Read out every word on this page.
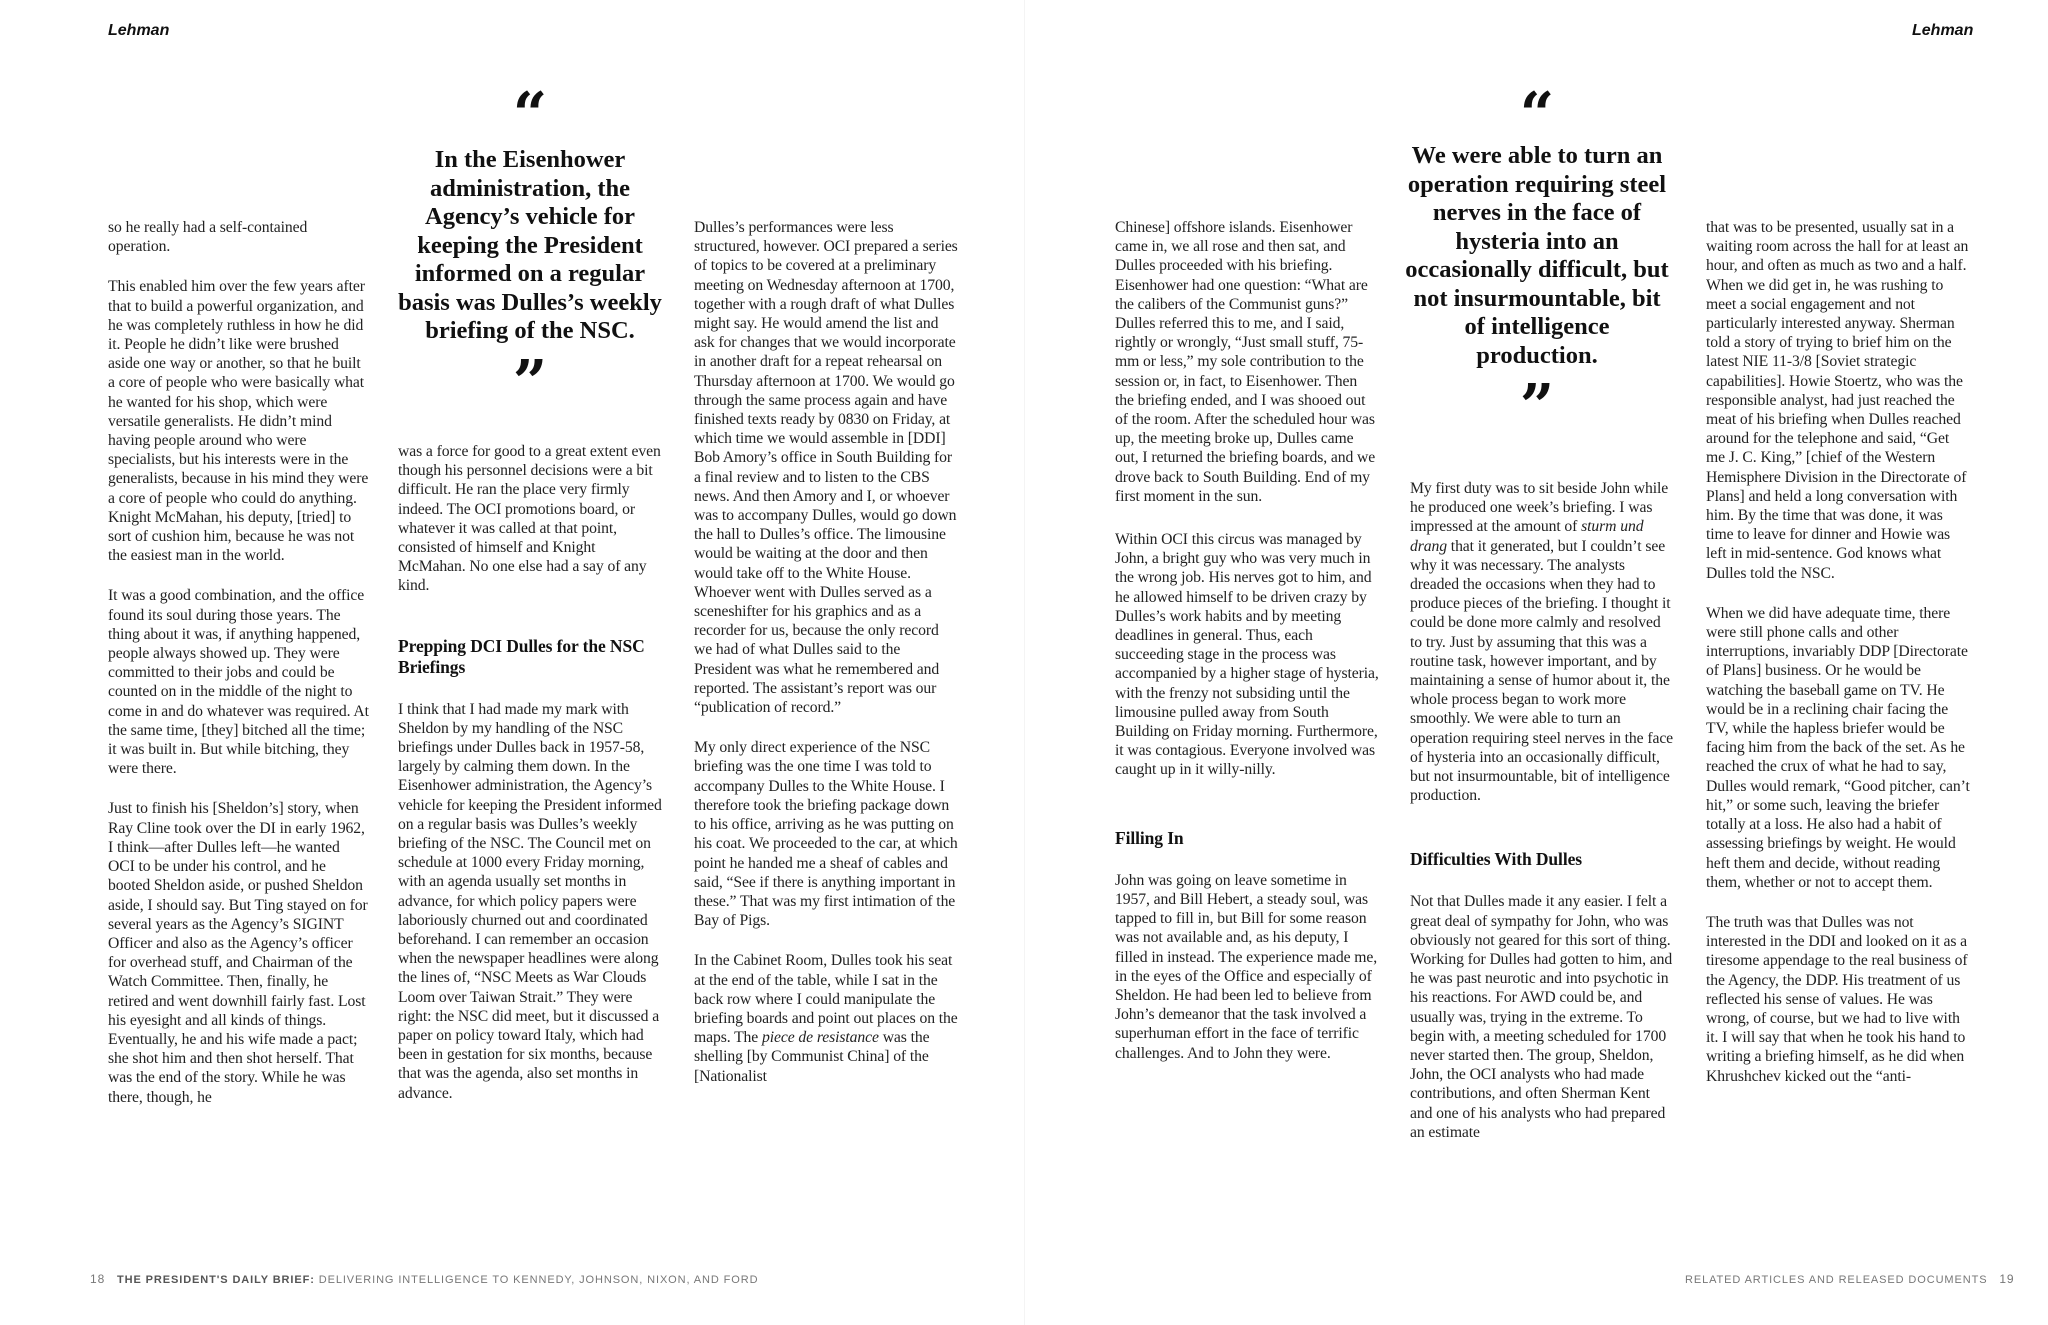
Lehman

so he really had a self-contained operation.

This enabled him over the few years after that to build a powerful organization, and he was completely ruthless in how he did it. People he didn’t like were brushed aside one way or another, so that he built a core of people who were basically what he wanted for his shop, which were versatile generalists. He didn’t mind having people around who were specialists, but his interests were in the generalists, because in his mind they were a core of people who could do anything. Knight McMahan, his deputy, [tried] to sort of cushion him, because he was not the easiest man in the world.

It was a good combination, and the office found its soul during those years. The thing about it was, if anything happened, people always showed up. They were committed to their jobs and could be counted on in the middle of the night to come in and do whatever was required. At the same time, [they] bitched all the time; it was built in. But while bitching, they were there.

Just to finish his [Sheldon’s] story, when Ray Cline took over the DI in early 1962, I think—after Dulles left—he wanted OCI to be under his control, and he booted Sheldon aside, or pushed Sheldon aside, I should say. But Ting stayed on for several years as the Agency’s SIGINT Officer and also as the Agency’s officer for overhead stuff, and Chairman of the Watch Committee. Then, finally, he retired and went downhill fairly fast. Lost his eyesight and all kinds of things. Eventually, he and his wife made a pact; she shot him and then shot herself. That was the end of the story. While he was there, though, he

“
In the Eisenhower administration, the Agency’s vehicle for keeping the President informed on a regular basis was Dulles’s weekly briefing of the NSC.
”

was a force for good to a great extent even though his personnel decisions were a bit difficult. He ran the place very firmly indeed. The OCI promotions board, or whatever it was called at that point, consisted of himself and Knight McMahan. No one else had a say of any kind.

Prepping DCI Dulles for the NSC Briefings

I think that I had made my mark with Sheldon by my handling of the NSC briefings under Dulles back in 1957-58, largely by calming them down. In the Eisenhower administration, the Agency’s vehicle for keeping the President informed on a regular basis was Dulles’s weekly briefing of the NSC. The Council met on schedule at 1000 every Friday morning, with an agenda usually set months in advance, for which policy papers were laboriously churned out and coordinated beforehand. I can remember an occasion when the newspaper headlines were along the lines of, “NSC Meets as War Clouds Loom over Taiwan Strait.” They were right: the NSC did meet, but it discussed a paper on policy toward Italy, which had been in gestation for six months, because that was the agenda, also set months in advance.

Dulles’s performances were less structured, however. OCI prepared a series of topics to be covered at a preliminary meeting on Wednesday afternoon at 1700, together with a rough draft of what Dulles might say. He would amend the list and ask for changes that we would incorporate in another draft for a repeat rehearsal on Thursday afternoon at 1700. We would go through the same process again and have finished texts ready by 0830 on Friday, at which time we would assemble in [DDI] Bob Amory’s office in South Building for a final review and to listen to the CBS news. And then Amory and I, or whoever was to accompany Dulles, would go down the hall to Dulles’s office. The limousine would be waiting at the door and then would take off to the White House. Whoever went with Dulles served as a sceneshifter for his graphics and as a recorder for us, because the only record we had of what Dulles said to the President was what he remembered and reported. The assistant’s report was our “publication of record.”

My only direct experience of the NSC briefing was the one time I was told to accompany Dulles to the White House. I therefore took the briefing package down to his office, arriving as he was putting on his coat. We proceeded to the car, at which point he handed me a sheaf of cables and said, “See if there is anything important in these.” That was my first intimation of the Bay of Pigs.

In the Cabinet Room, Dulles took his seat at the end of the table, while I sat in the back row where I could manipulate the briefing boards and point out places on the maps. The piece de resistance was the shelling [by Communist China] of the [Nationalist

18 THE PRESIDENT'S DAILY BRIEF: DELIVERING INTELLIGENCE TO KENNEDY, JOHNSON, NIXON, AND FORD
Lehman

Chinese] offshore islands. Eisenhower came in, we all rose and then sat, and Dulles proceeded with his briefing. Eisenhower had one question: “What are the calibers of the Communist guns?” Dulles referred this to me, and I said, rightly or wrongly, “Just small stuff, 75-mm or less,” my sole contribution to the session or, in fact, to Eisenhower. Then the briefing ended, and I was shooed out of the room. After the scheduled hour was up, the meeting broke up, Dulles came out, I returned the briefing boards, and we drove back to South Building. End of my first moment in the sun.

Within OCI this circus was managed by John, a bright guy who was very much in the wrong job. His nerves got to him, and he allowed himself to be driven crazy by Dulles’s work habits and by meeting deadlines in general. Thus, each succeeding stage in the process was accompanied by a higher stage of hysteria, with the frenzy not subsiding until the limousine pulled away from South Building on Friday morning. Furthermore, it was contagious. Everyone involved was caught up in it willy-nilly.

Filling In

John was going on leave sometime in 1957, and Bill Hebert, a steady soul, was tapped to fill in, but Bill for some reason was not available and, as his deputy, I filled in instead. The experience made me, in the eyes of the Office and especially of Sheldon. He had been led to believe from John’s demeanor that the task involved a superhuman effort in the face of terrific challenges. And to John they were.

“
We were able to turn an operation requiring steel nerves in the face of hysteria into an occasionally difficult, but not insurmountable, bit of intelligence production.
”

My first duty was to sit beside John while he produced one week’s briefing. I was impressed at the amount of sturm und drang that it generated, but I couldn’t see why it was necessary. The analysts dreaded the occasions when they had to produce pieces of the briefing. I thought it could be done more calmly and resolved to try. Just by assuming that this was a routine task, however important, and by maintaining a sense of humor about it, the whole process began to work more smoothly. We were able to turn an operation requiring steel nerves in the face of hysteria into an occasionally difficult, but not insurmountable, bit of intelligence production.

Difficulties With Dulles

Not that Dulles made it any easier. I felt a great deal of sympathy for John, who was obviously not geared for this sort of thing. Working for Dulles had gotten to him, and he was past neurotic and into psychotic in his reactions. For AWD could be, and usually was, trying in the extreme. To begin with, a meeting scheduled for 1700 never started then. The group, Sheldon, John, the OCI analysts who had made contributions, and often Sherman Kent and one of his analysts who had prepared an estimate

that was to be presented, usually sat in a waiting room across the hall for at least an hour, and often as much as two and a half. When we did get in, he was rushing to meet a social engagement and not particularly interested anyway. Sherman told a story of trying to brief him on the latest NIE 11-3/8 [Soviet strategic capabilities]. Howie Stoertz, who was the responsible analyst, had just reached the meat of his briefing when Dulles reached around for the telephone and said, “Get me J. C. King,” [chief of the Western Hemisphere Division in the Directorate of Plans] and held a long conversation with him. By the time that was done, it was time to leave for dinner and Howie was left in mid-sentence. God knows what Dulles told the NSC.

When we did have adequate time, there were still phone calls and other interruptions, invariably DDP [Directorate of Plans] business. Or he would be watching the baseball game on TV. He would be in a reclining chair facing the TV, while the hapless briefer would be facing him from the back of the set. As he reached the crux of what he had to say, Dulles would remark, “Good pitcher, can’t hit,” or some such, leaving the briefer totally at a loss. He also had a habit of assessing briefings by weight. He would heft them and decide, without reading them, whether or not to accept them.

The truth was that Dulles was not interested in the DDI and looked on it as a tiresome appendage to the real business of the Agency, the DDP. His treatment of us reflected his sense of values. He was wrong, of course, but we had to live with it. I will say that when he took his hand to writing a briefing himself, as he did when Khrushchev kicked out the “anti-

RELATED ARTICLES AND RELEASED DOCUMENTS 19
